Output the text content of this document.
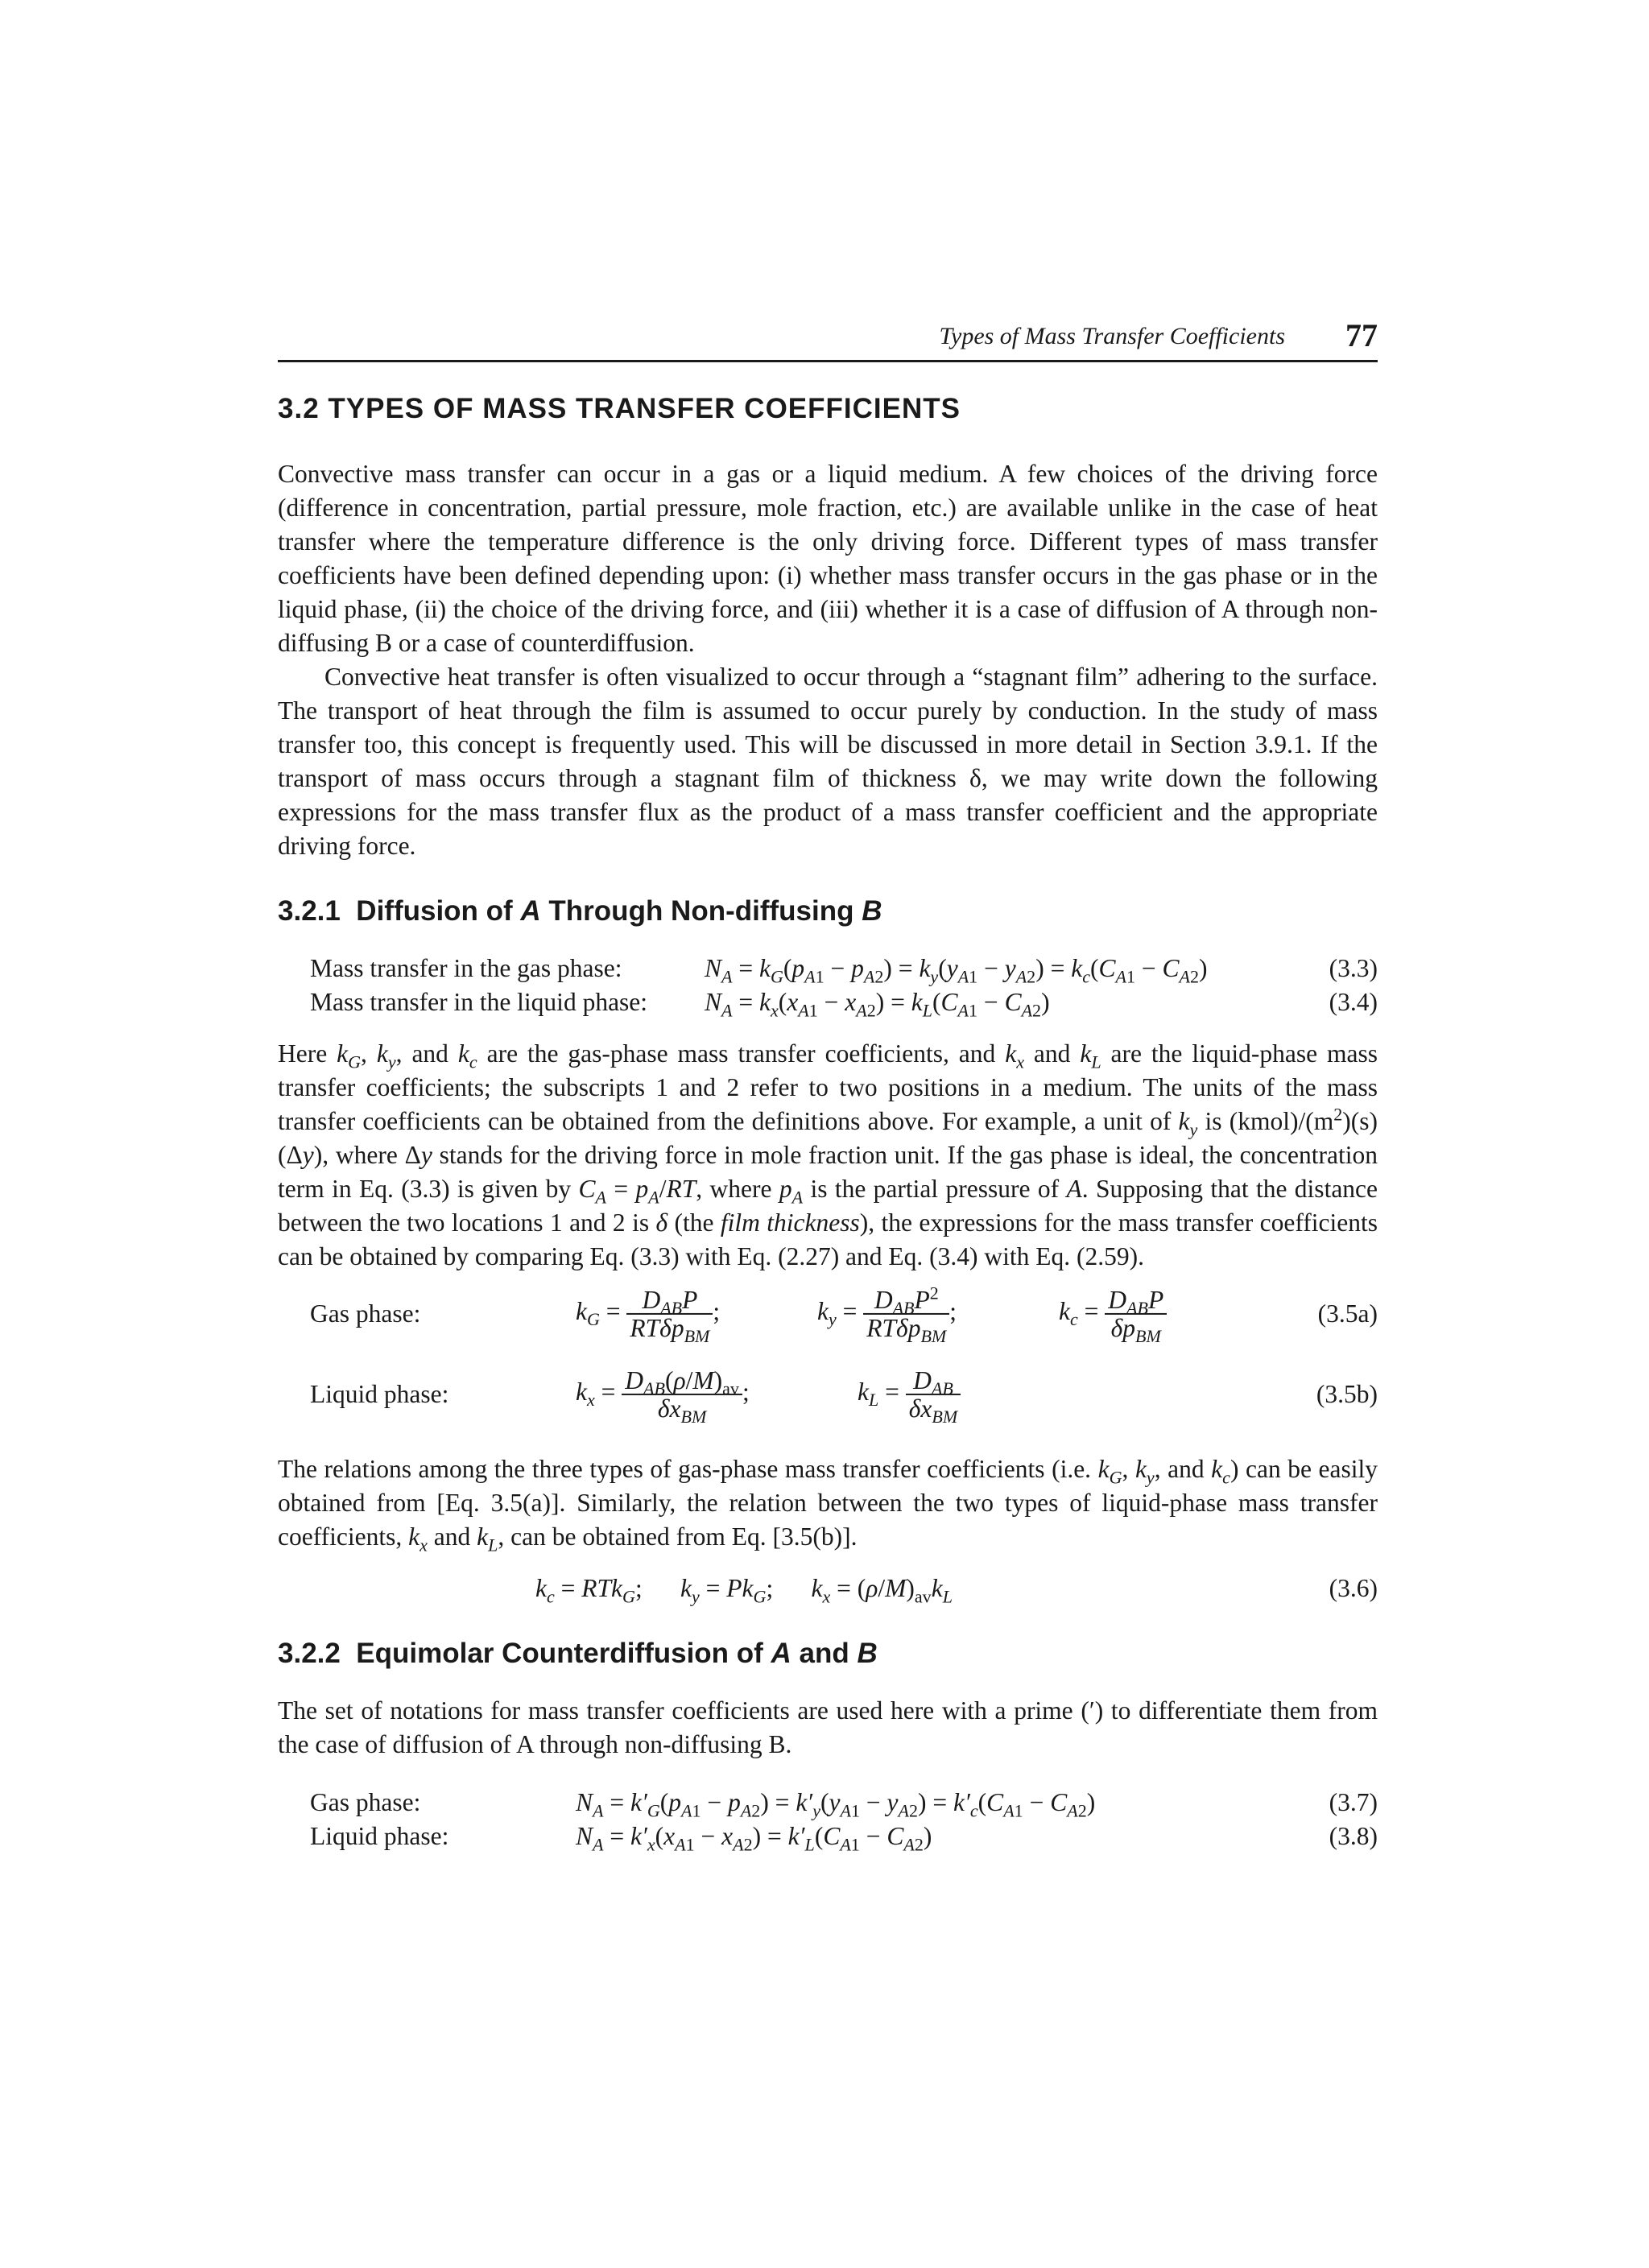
Types of Mass Transfer Coefficients 77
3.2 TYPES OF MASS TRANSFER COEFFICIENTS

Convective mass transfer can occur in a gas or a liquid medium. A few choices of the driving force (difference in concentration, partial pressure, mole fraction, etc.) are available unlike in the case of heat transfer where the temperature difference is the only driving force. Different types of mass transfer coefficients have been defined depending upon: (i) whether mass transfer occurs in the gas phase or in the liquid phase, (ii) the choice of the driving force, and (iii) whether it is a case of diffusion of A through non-diffusing B or a case of counterdiffusion.

Convective heat transfer is often visualized to occur through a “stagnant film” adhering to the surface. The transport of heat through the film is assumed to occur purely by conduction. In the study of mass transfer too, this concept is frequently used. This will be discussed in more detail in Section 3.9.1. If the transport of mass occurs through a stagnant film of thickness δ, we may write down the following expressions for the mass transfer flux as the product of a mass transfer coefficient and the appropriate driving force.

3.2.1  Diffusion of A Through Non-diffusing B
Mass transfer in the gas phase:	$N_A = k_G(p_{A1} - p_{A2}) = k_y(y_{A1} - y_{A2}) = k_c(C_{A1} - C_{A2})$	(3.3)
Mass transfer in the liquid phase: $N_A = k_x(x_{A1} - x_{A2}) = k_L(C_{A1} - C_{A2})$	(3.4)

Here $k_G$, $k_y$, and $k_c$ are the gas-phase mass transfer coefficients, and $k_x$ and $k_L$ are the liquid-phase mass transfer coefficients; the subscripts 1 and 2 refer to two positions in a medium. The units of the mass transfer coefficients can be obtained from the definitions above. For example, a unit of $k_y$ is $(kmol)/(m^2)(s)(\Delta y)$, where Δy stands for the driving force in mole fraction unit. If the gas phase is ideal, the concentration term in Eq. (3.3) is given by $C_A = p_A/RT$, where $p_A$ is the partial pressure of A. Supposing that the distance between the two locations 1 and 2 is δ (the film thickness), the expressions for the mass transfer coefficients can be obtained by comparing Eq. (3.3) with Eq. (2.27) and Eq. (3.4) with Eq. (2.59).

Gas phase:	$k_G = \frac{D_{AB}P}{RT\delta p_{BM}}$ ;	$k_y = \frac{D_{AB}P^2}{RT\delta p_{BM}}$ ;	$k_c = \frac{D_{AB}P}{\delta p_{BM}}$	(3.5a)
Liquid phase:	$k_x = \frac{D_{AB}(\rho/M)_{av}}{\delta x_{BM}}$ ;	$k_L = \frac{D_{AB}}{\delta x_{BM}}$	(3.5b)

The relations among the three types of gas-phase mass transfer coefficients (i.e. $k_G$, $k_y$, and $k_c$) can be easily obtained from [Eq. 3.5(a)]. Similarly, the relation between the two types of liquid-phase mass transfer coefficients, $k_x$ and $k_L$, can be obtained from Eq. [3.5(b)].

$k_c = RTk_G$;      $k_y = Pk_G$;      $k_x = (\rho/M)_{av}k_L$	(3.6)
3.2.2  Equimolar Counterdiffusion of A and B

The set of notations for mass transfer coefficients are used here with a prime (′) to differentiate them from the case of diffusion of A through non-diffusing B.

Gas phase:	$N_A = k'_G(p_{A1} - p_{A2}) = k'_y(y_{A1} - y_{A2}) = k'_c(C_{A1} - C_{A2})$	(3.7)
Liquid phase:	$N_A = k'_x(x_{A1} - x_{A2}) = k'_L(C_{A1} - C_{A2})$	(3.8)
